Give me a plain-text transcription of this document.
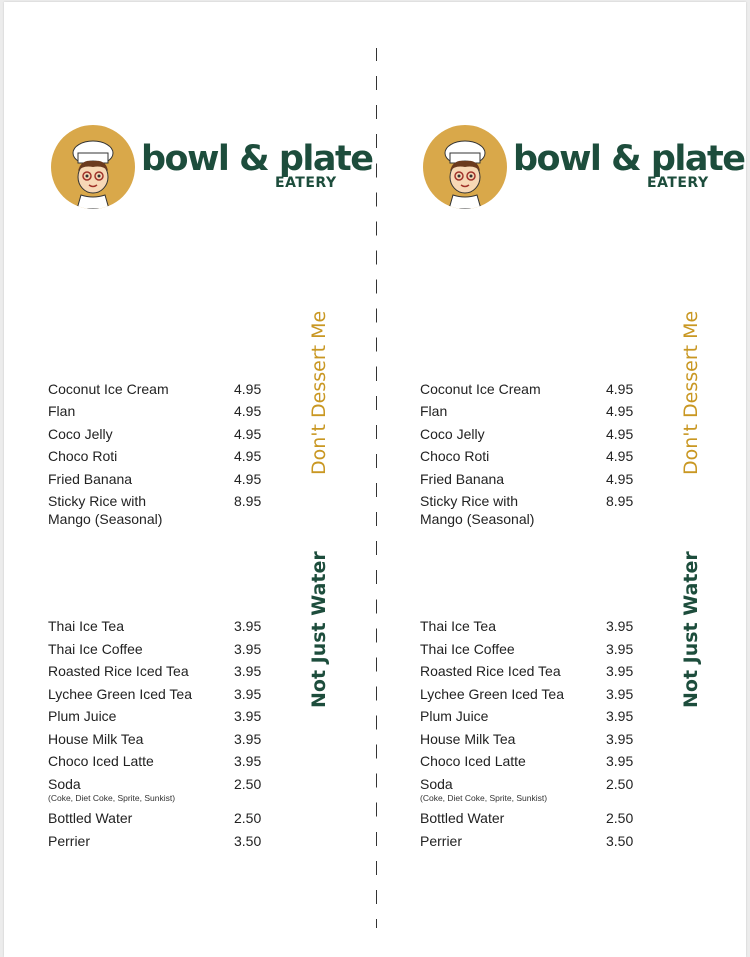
bowl & plate
EATERY
Don't Dessert Me
Not Just Water
Coconut Ice Cream	4.95
Flan	4.95
Coco Jelly	4.95
Choco Roti	4.95
Fried Banana	4.95
Sticky Rice with
Mango (Seasonal)
8.95
Thai Ice Tea	3.95
Thai Ice Coffee	3.95
Roasted Rice Iced Tea	3.95
Lychee Green Iced Tea	3.95
Plum Juice	3.95
House Milk Tea	3.95
Choco Iced Latte	3.95
Soda
(Coke, Diet Coke, Sprite, Sunkist)
2.50
Bottled Water	2.50
Perrier	3.50
bowl & plate
EATERY
Don't Dessert Me
Not Just Water
Coconut Ice Cream	4.95
Flan	4.95
Coco Jelly	4.95
Choco Roti	4.95
Fried Banana	4.95
Sticky Rice with
Mango (Seasonal)
8.95
Thai Ice Tea	3.95
Thai Ice Coffee	3.95
Roasted Rice Iced Tea	3.95
Lychee Green Iced Tea	3.95
Plum Juice	3.95
House Milk Tea	3.95
Choco Iced Latte	3.95
Soda
(Coke, Diet Coke, Sprite, Sunkist)
2.50
Bottled Water	2.50
Perrier	3.50
